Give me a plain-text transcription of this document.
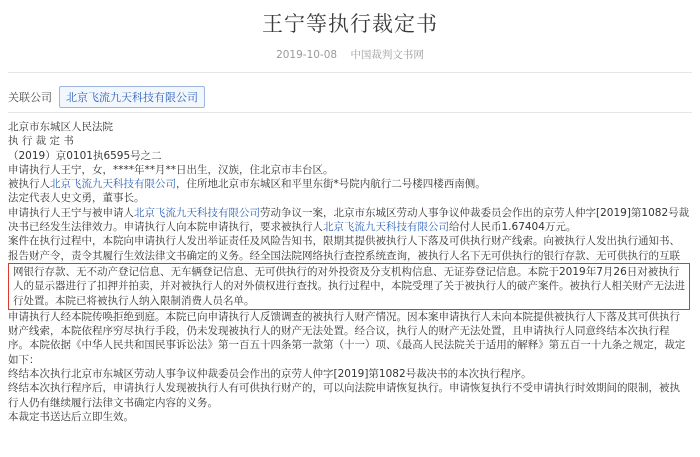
王宁等执行裁定书
2019-10-08 中国裁判文书网
关联公司	北京飞流九天科技有限公司

北京市东城区人民法院

执 行 裁 定 书

（2019）京0101执6595号之二

申请执行人王宁，女，****年**月**日出生，汉族，住北京市丰台区。

被执行人北京飞流九天科技有限公司，住所地北京市东城区和平里东街*号院内航行二号楼四楼西南侧。

法定代表人史文勇，董事长。

申请执行人王宁与被申请人北京飞流九天科技有限公司劳动争议一案，北京市东城区劳动人事争议仲裁委员会作出的京劳人仲字[2019]第1082号裁决书已经发生法律效力。申请执行人向本院申请执行，要求被执行人北京飞流九天科技有限公司给付人民币1.67404万元。

案件在执行过程中，本院向申请执行人发出举证责任及风险告知书，限期其提供被执行人下落及可供执行财产线索。向被执行人发出执行通知书、报告财产令，责令其履行生效法律文书确定的义务。经全国法院网络执行查控系统查询，被执行人名下无可供执行的银行存款、无可供执行的互联

网银行存款、无不动产登记信息、无车辆登记信息、无可供执行的对外投资及分支机构信息、无证券登记信息。本院于2019年7月26日对被执行人的显示器进行了扣押并拍卖，并对被执行人的对外债权进行查找。执行过程中，本院受理了关于被执行人的破产案件。被执行人相关财产无法进行处置。本院已将被执行人纳入限制消费人员名单。

申请执行人经本院传唤拒绝到庭。本院已向申请执行人反馈调查的被执行人财产情况。因本案申请执行人未向本院提供被执行人下落及其可供执行财产线索，本院依程序穷尽执行手段，仍未发现被执行人的财产无法处置。经合议，执行人的财产无法处置，且申请执行人同意终结本次执行程序。本院依据《中华人民共和国民事诉讼法》第一百五十四条第一款第（十一）项、《最高人民法院关于适用的解释》第五百一十九条之规定，裁定如下：

终结本次执行北京市东城区劳动人事争议仲裁委员会作出的京劳人仲字[2019]第1082号裁决书的本次执行程序。

终结本次执行程序后，申请执行人发现被执行人有可供执行财产的，可以向法院申请恢复执行。申请恢复执行不受申请执行时效期间的限制，被执行人仍有继续履行法律文书确定内容的义务。

本裁定书送达后立即生效。
